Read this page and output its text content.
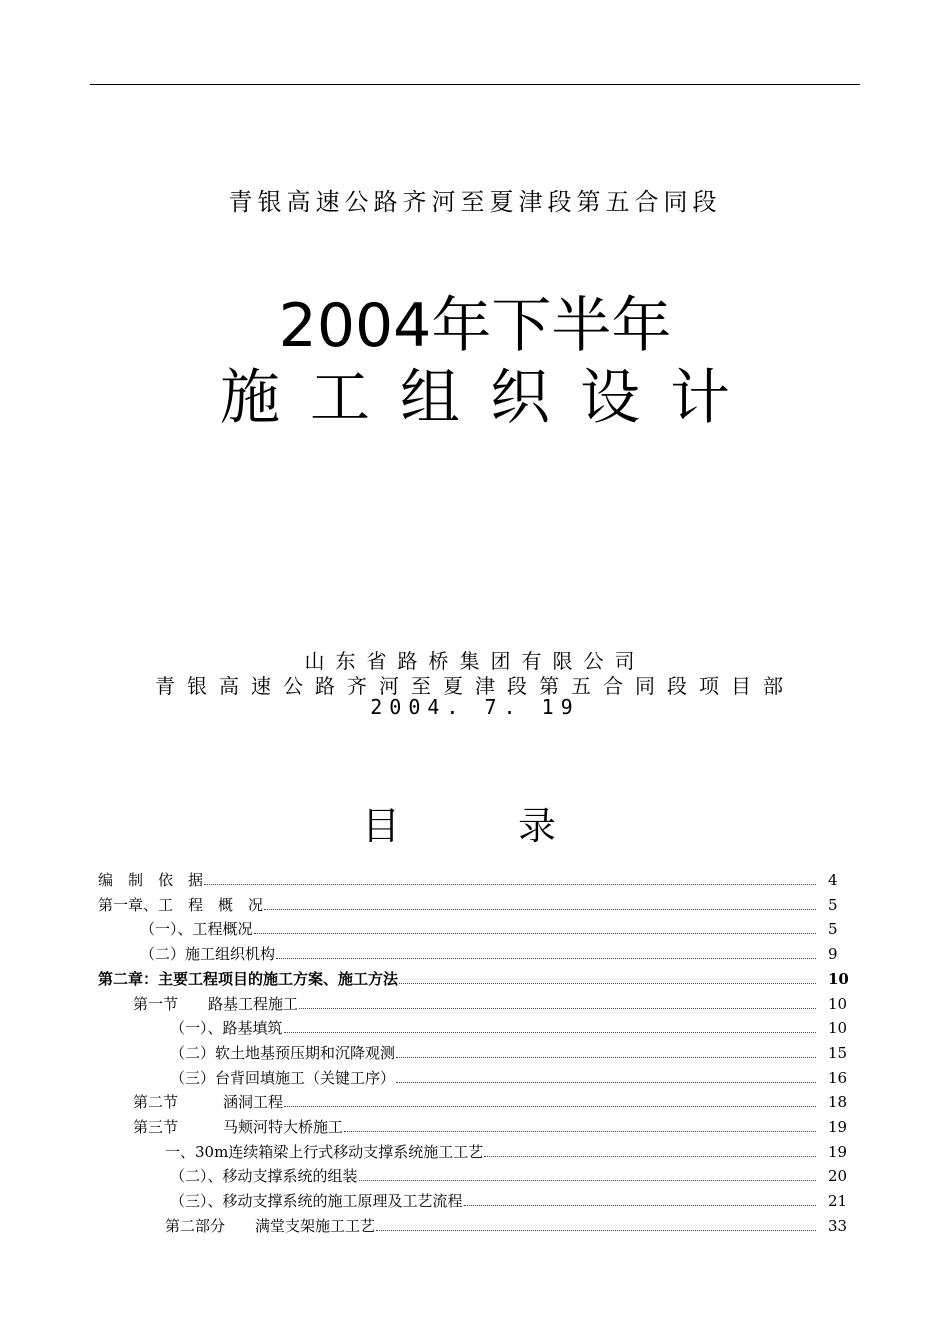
青银高速公路齐河至夏津段第五合同段
2004年下半年
施工组织设计
山东省路桥集团有限公司
青银高速公路齐河至夏津段第五合同段项目部
2004. 7. 19
目	录
编　制　依　据	4
第一章、工　程　概　况	5
（一）、工程概况	5
（二）施工组织机构	9
第二章：主要工程项目的施工方案、施工方法	10
第一节　　路基工程施工	10
（一）、路基填筑	10
（二）软土地基预压期和沉降观测	15
（三）台背回填施工（关键工序）	16
第二节　　　涵洞工程	18
第三节　　　马颊河特大桥施工	19
一、30m连续箱梁上行式移动支撑系统施工工艺	19
（二）、移动支撑系统的组装	20
（三）、移动支撑系统的施工原理及工艺流程	21
第二部分　　满堂支架施工工艺	33
